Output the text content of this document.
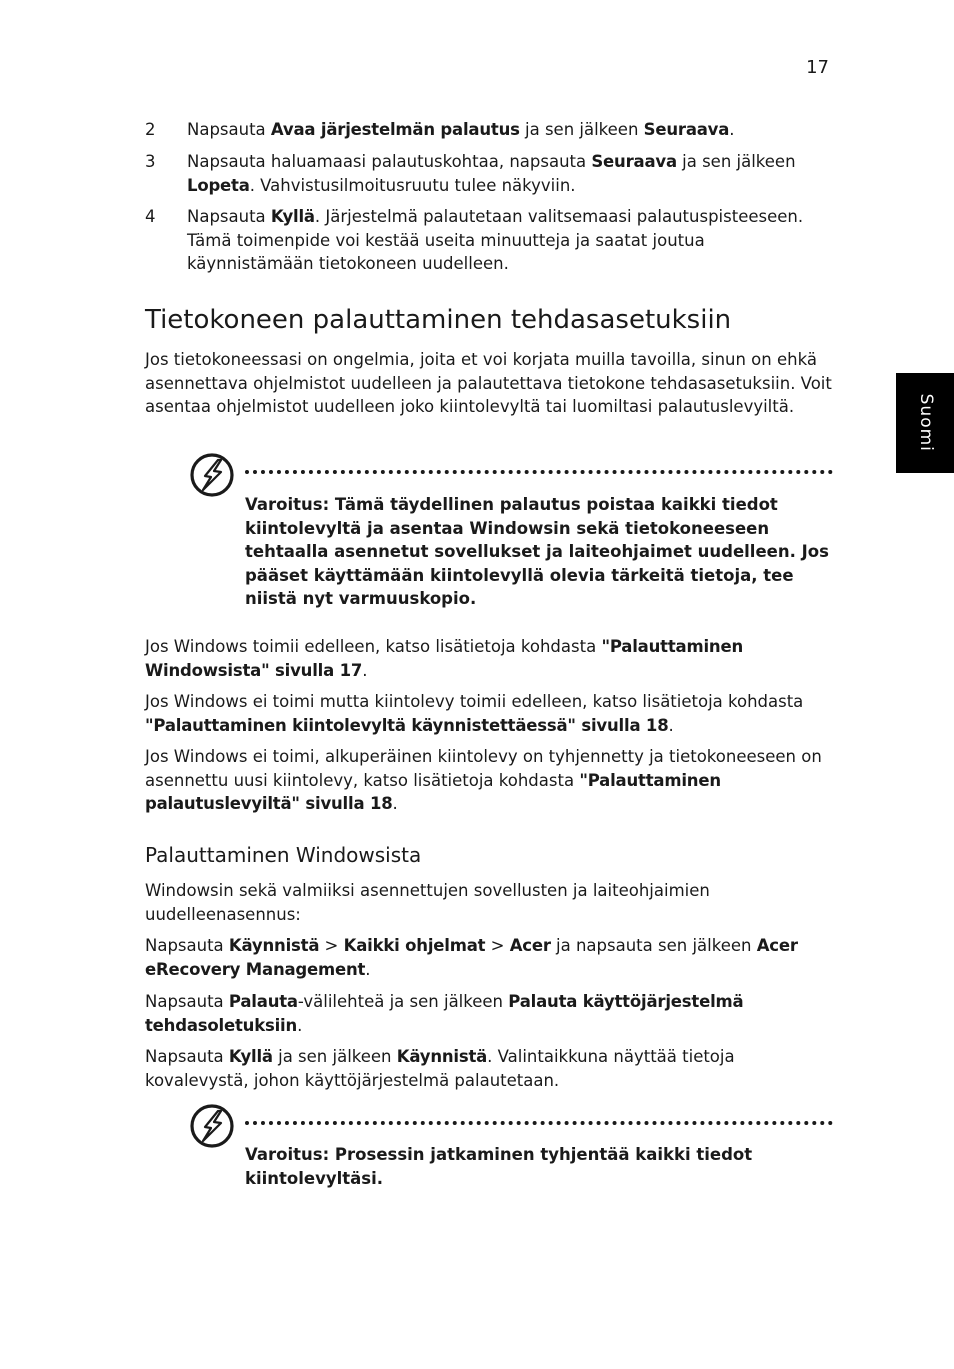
17
Suomi
2	Napsauta Avaa järjestelmän palautus ja sen jälkeen Seuraava.
3	Napsauta haluamaasi palautuskohtaa, napsauta Seuraava ja sen jälkeen Lopeta. Vahvistusilmoitusruutu tulee näkyviin.
4	Napsauta Kyllä. Järjestelmä palautetaan valitsemaasi palautuspisteeseen. Tämä toimenpide voi kestää useita minuutteja ja saatat joutua käynnistämään tietokoneen uudelleen.
Tietokoneen palauttaminen tehdasasetuksiin

Jos tietokoneessasi on ongelmia, joita et voi korjata muilla tavoilla, sinun on ehkä asennettava ohjelmistot uudelleen ja palautettava tietokone tehdasasetuksiin. Voit asentaa ohjelmistot uudelleen joko kiintolevyltä tai luomiltasi palautuslevyiltä.

Varoitus: Tämä täydellinen palautus poistaa kaikki tiedot kiintolevyltä ja asentaa Windowsin sekä tietokoneeseen tehtaalla asennetut sovellukset ja laiteohjaimet uudelleen. Jos pääset käyttämään kiintolevyllä olevia tärkeitä tietoja, tee niistä nyt varmuuskopio.

Jos Windows toimii edelleen, katso lisätietoja kohdasta "Palauttaminen Windowsista" sivulla 17.

Jos Windows ei toimi mutta kiintolevy toimii edelleen, katso lisätietoja kohdasta "Palauttaminen kiintolevyltä käynnistettäessä" sivulla 18.

Jos Windows ei toimi, alkuperäinen kiintolevy on tyhjennetty ja tietokoneeseen on asennettu uusi kiintolevy, katso lisätietoja kohdasta "Palauttaminen palautuslevyiltä" sivulla 18.

Palauttaminen Windowsista

Windowsin sekä valmiiksi asennettujen sovellusten ja laiteohjaimien uudelleenasennus:

Napsauta Käynnistä > Kaikki ohjelmat > Acer ja napsauta sen jälkeen Acer eRecovery Management.

Napsauta Palauta-välilehteä ja sen jälkeen Palauta käyttöjärjestelmä tehdasoletuksiin.

Napsauta Kyllä ja sen jälkeen Käynnistä. Valintaikkuna näyttää tietoja kovalevystä, johon käyttöjärjestelmä palautetaan.

Varoitus: Prosessin jatkaminen tyhjentää kaikki tiedot kiintolevyltäsi.
